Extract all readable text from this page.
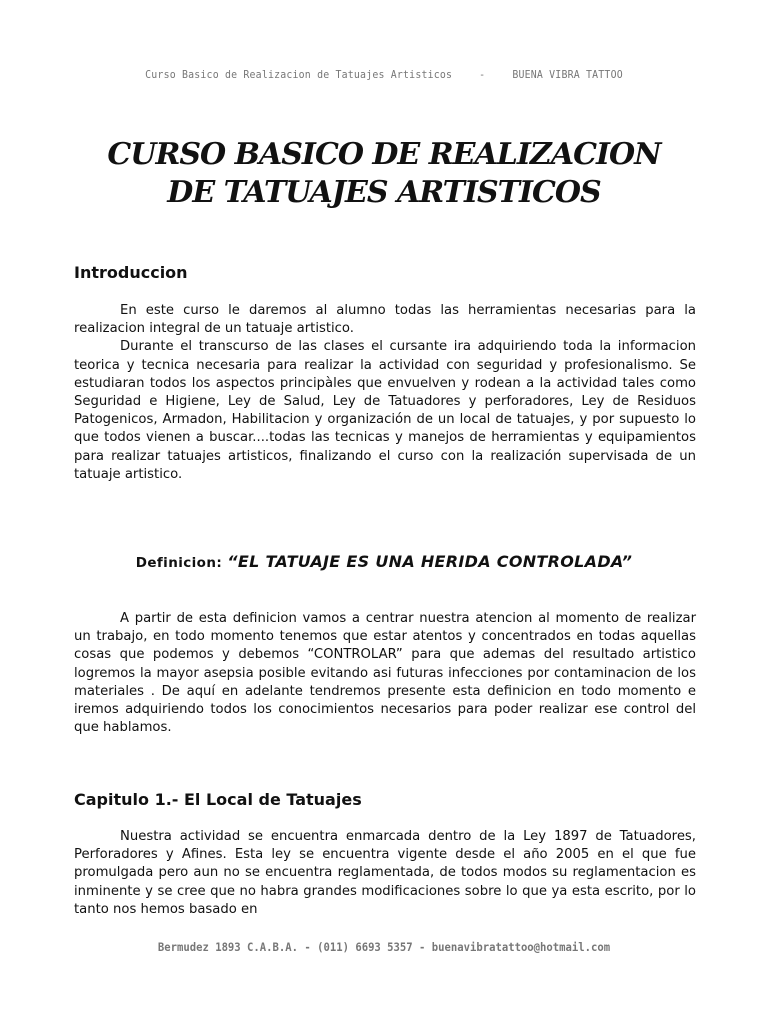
Curso Basico de Realizacion de Tatuajes Artisticos - BUENA VIBRA TATTOO
CURSO BASICO DE REALIZACION
DE TATUAJES ARTISTICOS
Introduccion

En este curso le daremos al alumno todas las herramientas necesarias para la realizacion integral de un tatuaje artistico.

Durante el transcurso de las clases el cursante ira adquiriendo toda la informacion teorica y tecnica necesaria para realizar la actividad con seguridad y profesionalismo. Se estudiaran todos los aspectos principàles que envuelven y rodean a la actividad tales como Seguridad e Higiene, Ley de Salud, Ley de Tatuadores y perforadores, Ley de Residuos Patogenicos, Armadon, Habilitacion y organización de un local de tatuajes, y por supuesto lo que todos vienen a buscar....todas las tecnicas y manejos de herramientas y equipamientos para realizar tatuajes artisticos, finalizando el curso con la realización supervisada de un tatuaje artistico.

Definicion: “EL TATUAJE ES UNA HERIDA CONTROLADA”

A partir de esta definicion vamos a centrar nuestra atencion al momento de realizar un trabajo, en todo momento tenemos que estar atentos y concentrados en todas aquellas cosas que podemos y debemos “CONTROLAR” para que ademas del resultado artistico logremos la mayor asepsia posible evitando asi futuras infecciones por contaminacion de los materiales . De aquí en adelante tendremos presente esta definicion en todo momento e iremos adquiriendo todos los conocimientos necesarios para poder realizar ese control del que hablamos.

Capitulo 1.- El Local de Tatuajes

Nuestra actividad se encuentra enmarcada dentro de la Ley 1897 de Tatuadores, Perforadores y Afines. Esta ley se encuentra vigente desde el año 2005 en el que fue promulgada pero aun no se encuentra reglamentada, de todos modos su reglamentacion es inminente y se cree que no habra grandes modificaciones sobre lo que ya esta escrito, por lo tanto nos hemos basado en

Bermudez 1893 C.A.B.A. - (011) 6693 5357 - buenavibratattoo@hotmail.com
